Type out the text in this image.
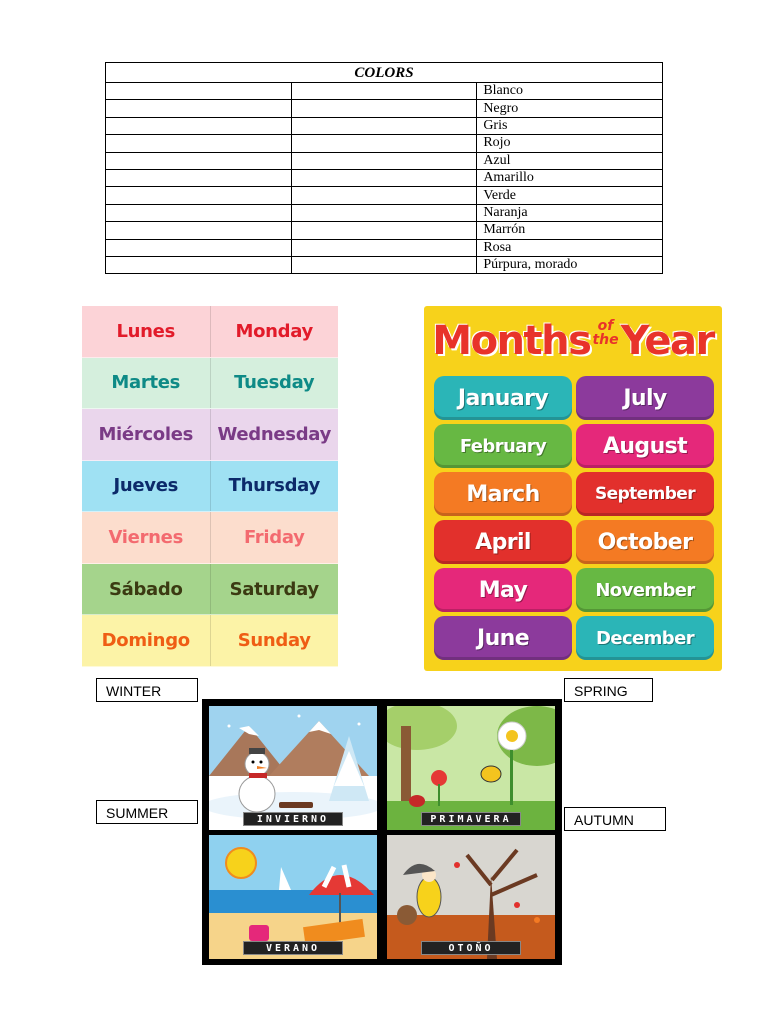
COLORS		
		Blanco
		Negro
		Gris
		Rojo
		Azul
		Amarillo
		Verde
		Naranja
		Marrón
		Rosa
		Púrpura, morado
Lunes	Monday
Martes	Tuesday
Miércoles	Wednesday
Jueves	Thursday
Viernes	Friday
Sábado	Saturday
Domingo	Sunday
Months of
theYear
January	July
February	August
March	September
April	October
May	November
June	December
WINTER	SPRING
SUMMER	AUTUMN
INVIERNO	PRIMAVERA
VERANO	OTOÑO
